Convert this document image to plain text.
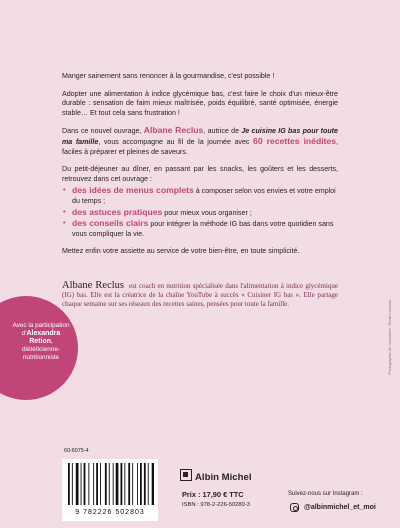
Manger sainement sans renoncer à la gourmandise, c'est possible !

Adopter une alimentation à indice glycémique bas, c'est faire le choix d'un mieux-être durable : sensation de faim mieux maîtrisée, poids équilibré, santé optimisée, énergie stable… Et tout cela sans frustration !

Dans ce nouvel ouvrage, Albane Reclus, autrice de Je cuisine IG bas pour toute ma famille, vous accompagne au fil de la journée avec 60 recettes inédites, faciles à préparer et pleines de saveurs.

Du petit-déjeuner au dîner, en passant par les snacks, les goûters et les desserts, retrouvez dans cet ouvrage :

• des idées de menus complets à composer selon vos envies et votre emploi du temps ;
• des astuces pratiques pour mieux vous organiser ;
• des conseils clairs pour intégrer la méthode IG bas dans votre quotidien sans vous compliquer la vie.

Mettez enfin votre assiette au service de votre bien-être, en toute simplicité.

Albane Reclus est coach en nutrition spécialisée dans l'alimentation à indice glycémique (IG) bas. Elle est la créatrice de la chaîne YouTube à succès « Cuisiner IG bas ». Elle partage chaque semaine sur ses réseaux des recettes saines, pensées pour toute la famille.
Avec la participation d'Alexandra Retion, diététicienne-nutritionniste	Photographie de couverture : Émilie Larsson
60-6075-4
9 782226 502803
Albin Michel
Prix : 17,90 € TTC
ISBN : 978-2-226-50280-3
Suivez-nous sur Instagram :
@albinmichel_et_moi
